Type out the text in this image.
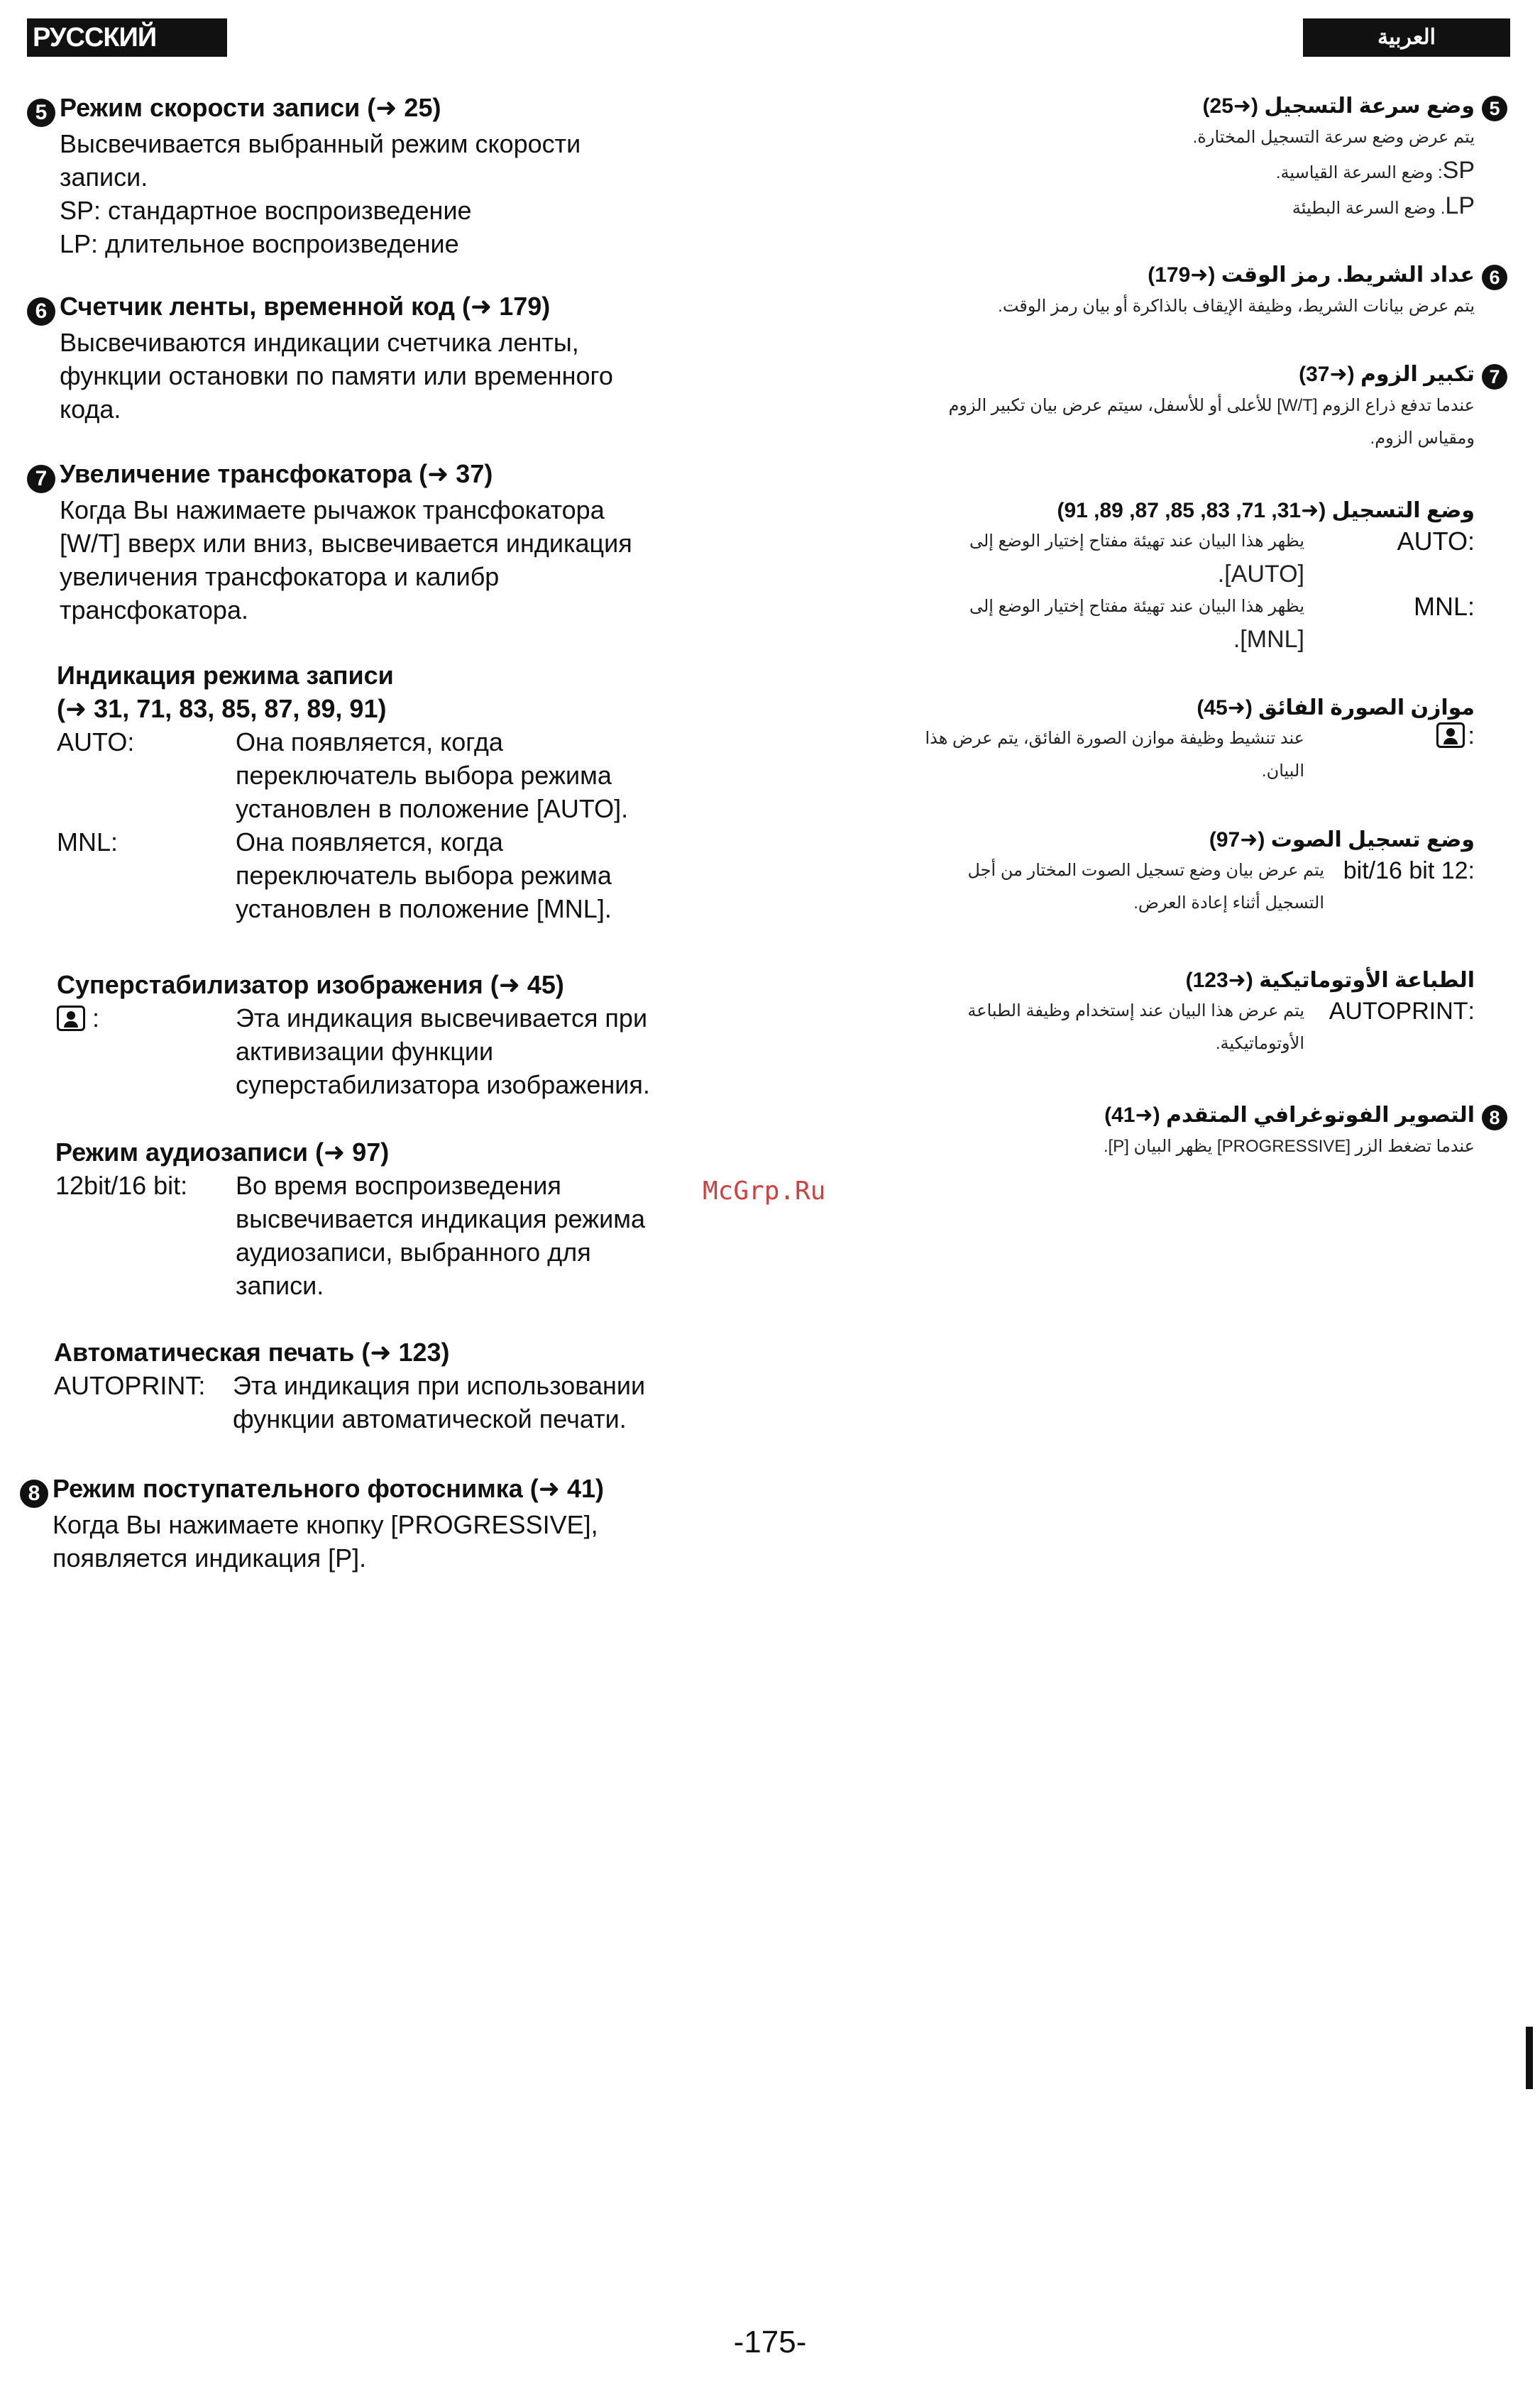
РУССКИЙ ЯЗЫК
العربية
5 Режим скорости записи (➜ 25)
Высвечивается выбранный режим скорости
записи.
SP: стандартное воспроизведение
LP: длительное воспроизведение
6 Счетчик ленты, временной код (➜ 179)
Высвечиваются индикации счетчика ленты,
функции остановки по памяти или временного
кода.
7 Увеличение трансфокатора (➜ 37)
Когда Вы нажимаете рычажок трансфокатора
[W/T] вверх или вниз, высвечивается индикация
увеличения трансфокатора и калибр
трансфокатора.
Индикация режима записи
(➜ 31, 71, 83, 85, 87, 89, 91)
AUTO:	Она появляется, когда
переключатель выбора режима
установлен в положение [AUTO].
MNL:	Она появляется, когда
переключатель выбора режима
установлен в положение [MNL].
Суперстабилизатор изображения (➜ 45)
:	Эта индикация высвечивается при
активизации функции
суперстабилизатора изображения.
Режим аудиозаписи (➜ 97)
12bit/16 bit:	Во время воспроизведения
высвечивается индикация режима
аудиозаписи, выбранного для
записи.
Автоматическая печать (➜ 123)
AUTOPRINT:	Эта индикация при использовании
функции автоматической печати.
8 Режим поступательного фотоснимка (➜ 41)
Когда Вы нажимаете кнопку [PROGRESSIVE],
появляется индикация [P].
McGrp.Ru
5وضع سرعة التسجيل (➜25)
يتم عرض وضع سرعة التسجيل المختارة.
SP: وضع السرعة القياسية.
LP. وضع السرعة البطيئة
6عداد الشريط. رمز الوقت (➜179)
يتم عرض بيانات الشريط، وظيفة الإيقاف بالذاكرة أو بيان رمز الوقت.
7تكبير الزوم (➜37)
عندما تدفع ذراع الزوم [W/T] للأعلى أو للأسفل، سيتم عرض بيان تكبير الزوم
ومقياس الزوم.
وضع التسجيل (➜31, 71, 83, 85, 87, 89, 91)
:AUTO
يظهر هذا البيان عند تهيئة مفتاح إختيار الوضع إلى
[AUTO].
:MNL
يظهر هذا البيان عند تهيئة مفتاح إختيار الوضع إلى
[MNL].
موازن الصورة الفائق (➜45)
:
عند تنشيط وظيفة موازن الصورة الفائق، يتم عرض هذا
البيان.
وضع تسجيل الصوت (➜97)
:12 bit/16 bit
يتم عرض بيان وضع تسجيل الصوت المختار من أجل
التسجيل أثناء إعادة العرض.
الطباعة الأوتوماتيكية (➜123)
:AUTOPRINT
يتم عرض هذا البيان عند إستخدام وظيفة الطباعة
الأوتوماتيكية.
8التصوير الفوتوغرافي المتقدم (➜41)
عندما تضغط الزر [PROGRESSIVE] يظهر البيان [P].
-175-
